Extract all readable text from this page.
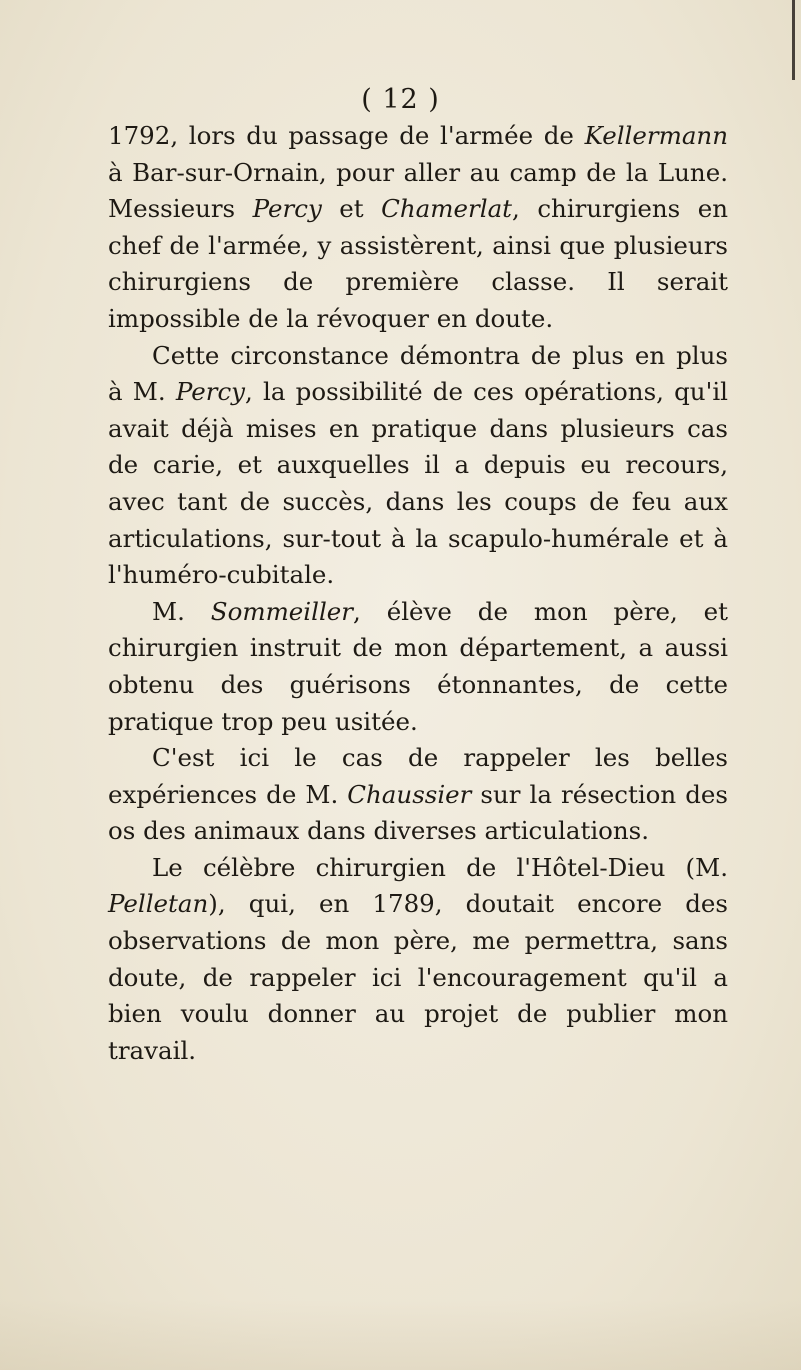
( 12 )

1792, lors du passage de l'armée de Kellermann à Bar-sur-Ornain, pour aller au camp de la Lune. Messieurs Percy et Chamerlat, chirurgiens en chef de l'armée, y assistèrent, ainsi que plusieurs chirurgiens de première classe. Il serait impossible de la révoquer en doute.

Cette circonstance démontra de plus en plus à M. Percy, la possibilité de ces opérations, qu'il avait déjà mises en pratique dans plusieurs cas de carie, et auxquelles il a depuis eu recours, avec tant de succès, dans les coups de feu aux articulations, sur-tout à la scapulo-humérale et à l'huméro-cubitale.

M. Sommeiller, élève de mon père, et chirurgien instruit de mon département, a aussi obtenu des guérisons étonnantes, de cette pratique trop peu usitée.

C'est ici le cas de rappeler les belles expériences de M. Chaussier sur la résection des os des animaux dans diverses articulations.

Le célèbre chirurgien de l'Hôtel-Dieu (M. Pelletan), qui, en 1789, doutait encore des observations de mon père, me permettra, sans doute, de rappeler ici l'encouragement qu'il a bien voulu donner au projet de publier mon travail.
